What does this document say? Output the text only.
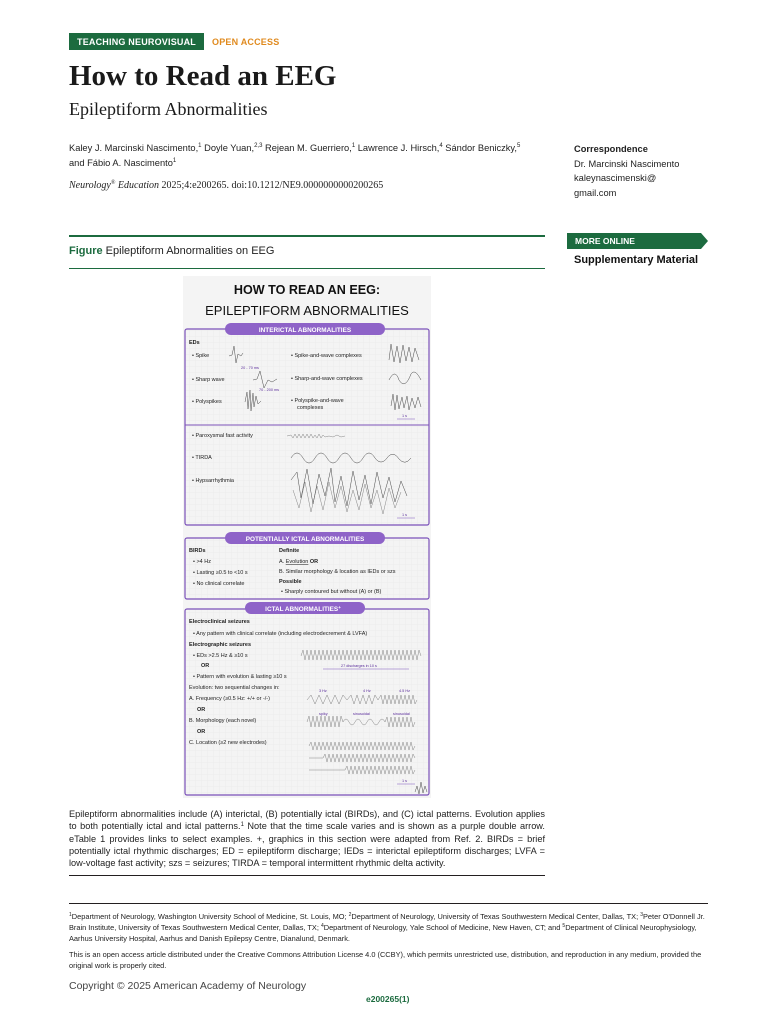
TEACHING NEUROVISUAL	OPEN ACCESS
How to Read an EEG
Epileptiform Abnormalities
Kaley J. Marcinski Nascimento,$^1$ Doyle Yuan,$^{2,3}$ Rejean M. Guerriero,$^1$ Lawrence J. Hirsch,$^4$ Sándor Beniczky,$^5$
and Fábio A. Nascimento$^1$
Neurology® Education 2025;4:e200265. doi:10.1212/NE9.0000000000200265
Correspondence
Dr. Marcinski Nascimento
kaleynascimenski@
gmail.com
Figure Epileptiform Abnormalities on EEG
MORE ONLINE
Supplementary Material
HOW TO READ AN EEG:
EPILEPTIFORM ABNORMALITIES
INTERICTAL ABNORMALITIES
EDs
• Spike
• Sharp wave
• Polyspikes
• Spike-and-wave complexes
• Sharp-and-wave complexes
• Polyspike-and-wave
complexes
20 - 70 ms
70 - 200 ms
1 s
• Paroxysmal fast activity
• TIRDA
• Hypsarrhythmia
1 s
POTENTIALLY ICTAL ABNORMALITIES
BIRDs
• >4 Hz
• Lasting ≥0.5 to <10 s
• No clinical correlate
Definite
A. Evolution OR
B. Similar morphology & location as IEDs or szs
Possible
• Sharply contoured but without (A) or (B)
ICTAL ABNORMALITIES+
Electroclinical seizures
• Any pattern with clinical correlate (including electrodecrement & LVFA)
Electrographic seizures
• EDs >2.5 Hz & ≥10 s
OR
• Pattern with evolution & lasting ≥10 s
Evolution: two sequential changes in:
A. Frequency (≥0.5 Hz: +/+ or -/-)
OR
B. Morphology (each novel)
OR
C. Location (≥2 new electrodes)
27 discharges in 10 s
3 Hz	4 Hz	4.5 Hz
spiky	sinusoidal	sinusoidal
1 s
Epileptiform abnormalities include (A) interictal, (B) potentially ictal (BIRDs), and (C) ictal patterns. Evolution applies to both potentially ictal and ictal patterns.$^1$ Note that the time scale varies and is shown as a purple double arrow. eTable 1 provides links to select examples. +, graphics in this section were adapted from Ref. 2. BIRDs = brief potentially ictal rhythmic discharges; ED = epileptiform discharge; IEDs = interictal epileptiform discharges; LVFA = low-voltage fast activity; szs = seizures; TIRDA = temporal intermittent rhythmic delta activity.
$^1$Department of Neurology, Washington University School of Medicine, St. Louis, MO; $^2$Department of Neurology, University of Texas Southwestern Medical Center, Dallas, TX; $^3$Peter O'Donnell Jr. Brain Institute, University of Texas Southwestern Medical Center, Dallas, TX; $^4$Department of Neurology, Yale School of Medicine, New Haven, CT; and $^5$Department of Clinical Neurophysiology, Aarhus University Hospital, Aarhus and Danish Epilepsy Centre, Dianalund, Denmark.
This is an open access article distributed under the Creative Commons Attribution License 4.0 (CCBY), which permits unrestricted use, distribution, and reproduction in any medium, provided the original work is properly cited.
Copyright © 2025 American Academy of Neurology
e200265(1)
